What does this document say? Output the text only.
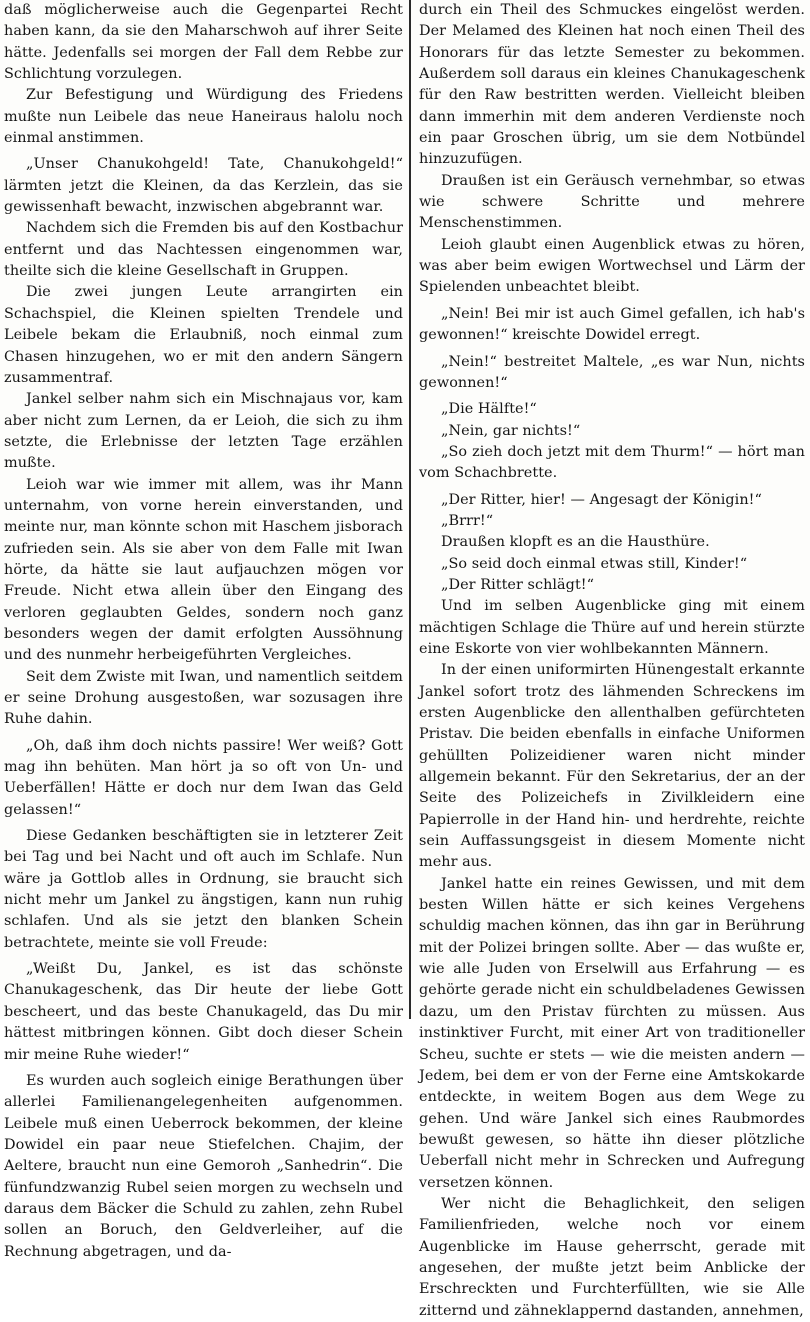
daß möglicherweise auch die Gegenpartei Recht haben kann, da sie den Maharschwoh auf ihrer Seite hätte. Jedenfalls sei morgen der Fall dem Rebbe zur Schlichtung vorzulegen.

Zur Befestigung und Würdigung des Friedens mußte nun Leibele das neue Haneiraus halolu noch einmal anstimmen.

„Unser Chanukohgeld! Tate, Chanukohgeld!“ lärmten jetzt die Kleinen, da das Kerzlein, das sie gewissenhaft bewacht, inzwischen abgebrannt war.

Nachdem sich die Fremden bis auf den Kostbachur entfernt und das Nachtessen eingenommen war, theilte sich die kleine Gesellschaft in Gruppen.

Die zwei jungen Leute arrangirten ein Schachspiel, die Kleinen spielten Trendele und Leibele bekam die Erlaubniß, noch einmal zum Chasen hinzugehen, wo er mit den andern Sängern zusammentraf.

Jankel selber nahm sich ein Mischnajaus vor, kam aber nicht zum Lernen, da er Leioh, die sich zu ihm setzte, die Erlebnisse der letzten Tage erzählen mußte.

Leioh war wie immer mit allem, was ihr Mann unternahm, von vorne herein einverstanden, und meinte nur, man könnte schon mit Haschem jisborach zufrieden sein. Als sie aber von dem Falle mit Iwan hörte, da hätte sie laut aufjauchzen mögen vor Freude. Nicht etwa allein über den Eingang des verloren geglaubten Geldes, sondern noch ganz besonders wegen der damit erfolgten Aussöhnung und des nunmehr herbeigeführten Vergleiches.

Seit dem Zwiste mit Iwan, und namentlich seitdem er seine Drohung ausgestoßen, war sozusagen ihre Ruhe dahin.

„Oh, daß ihm doch nichts passire! Wer weiß? Gott mag ihn behüten. Man hört ja so oft von Un- und Ueberfällen! Hätte er doch nur dem Iwan das Geld gelassen!“

Diese Gedanken beschäftigten sie in letzterer Zeit bei Tag und bei Nacht und oft auch im Schlafe. Nun wäre ja Gottlob alles in Ordnung, sie braucht sich nicht mehr um Jankel zu ängstigen, kann nun ruhig schlafen. Und als sie jetzt den blanken Schein betrachtete, meinte sie voll Freude:

„Weißt Du, Jankel, es ist das schönste Chanukageschenk, das Dir heute der liebe Gott bescheert, und das beste Chanukageld, das Du mir hättest mitbringen können. Gibt doch dieser Schein mir meine Ruhe wieder!“

Es wurden auch sogleich einige Berathungen über allerlei Familienangelegenheiten aufgenommen. Leibele muß einen Ueberrock bekommen, der kleine Dowidel ein paar neue Stiefelchen. Chajim, der Aeltere, braucht nun eine Gemoroh „Sanhedrin“. Die fünfundzwanzig Rubel seien morgen zu wechseln und daraus dem Bäcker die Schuld zu zahlen, zehn Rubel sollen an Boruch, den Geldverleiher, auf die Rechnung abgetragen, und da-

durch ein Theil des Schmuckes eingelöst werden. Der Melamed des Kleinen hat noch einen Theil des Honorars für das letzte Semester zu bekommen. Außerdem soll daraus ein kleines Chanukageschenk für den Raw bestritten werden. Vielleicht bleiben dann immerhin mit dem anderen Verdienste noch ein paar Groschen übrig, um sie dem Notbündel hinzuzufügen.

Draußen ist ein Geräusch vernehmbar, so etwas wie schwere Schritte und mehrere Menschenstimmen.

Leioh glaubt einen Augenblick etwas zu hören, was aber beim ewigen Wortwechsel und Lärm der Spielenden unbeachtet bleibt.

„Nein! Bei mir ist auch Gimel gefallen, ich hab's gewonnen!“ kreischte Dowidel erregt.

„Nein!“ bestreitet Maltele, „es war Nun, nichts gewonnen!“

„Die Hälfte!“

„Nein, gar nichts!“

„So zieh doch jetzt mit dem Thurm!“ — hört man vom Schachbrette.

„Der Ritter, hier! — Angesagt der Königin!“

„Brrr!“

Draußen klopft es an die Hausthüre.

„So seid doch einmal etwas still, Kinder!“

„Der Ritter schlägt!“

Und im selben Augenblicke ging mit einem mächtigen Schlage die Thüre auf und herein stürzte eine Eskorte von vier wohlbekannten Männern.

In der einen uniformirten Hünengestalt erkannte Jankel sofort trotz des lähmenden Schreckens im ersten Augenblicke den allenthalben gefürchteten Pristav. Die beiden ebenfalls in einfache Uniformen gehüllten Polizeidiener waren nicht minder allgemein bekannt. Für den Sekretarius, der an der Seite des Polizeichefs in Zivilkleidern eine Papierrolle in der Hand hin- und herdrehte, reichte sein Auffassungsgeist in diesem Momente nicht mehr aus.

Jankel hatte ein reines Gewissen, und mit dem besten Willen hätte er sich keines Vergehens schuldig machen können, das ihn gar in Berührung mit der Polizei bringen sollte. Aber — das wußte er, wie alle Juden von Erselwill aus Erfahrung — es gehörte gerade nicht ein schuldbeladenes Gewissen dazu, um den Pristav fürchten zu müssen. Aus instinktiver Furcht, mit einer Art von traditioneller Scheu, suchte er stets — wie die meisten andern — Jedem, bei dem er von der Ferne eine Amtskokarde entdeckte, in weitem Bogen aus dem Wege zu gehen. Und wäre Jankel sich eines Raubmordes bewußt gewesen, so hätte ihn dieser plötzliche Ueberfall nicht mehr in Schrecken und Aufregung versetzen können.

Wer nicht die Behaglichkeit, den seligen Familienfrieden, welche noch vor einem Augenblicke im Hause geherrscht, gerade mit angesehen, der mußte jetzt beim Anblicke der Erschreckten und Furchterfüllten, wie sie Alle zitternd und zähneklappernd dastanden, annehmen,
